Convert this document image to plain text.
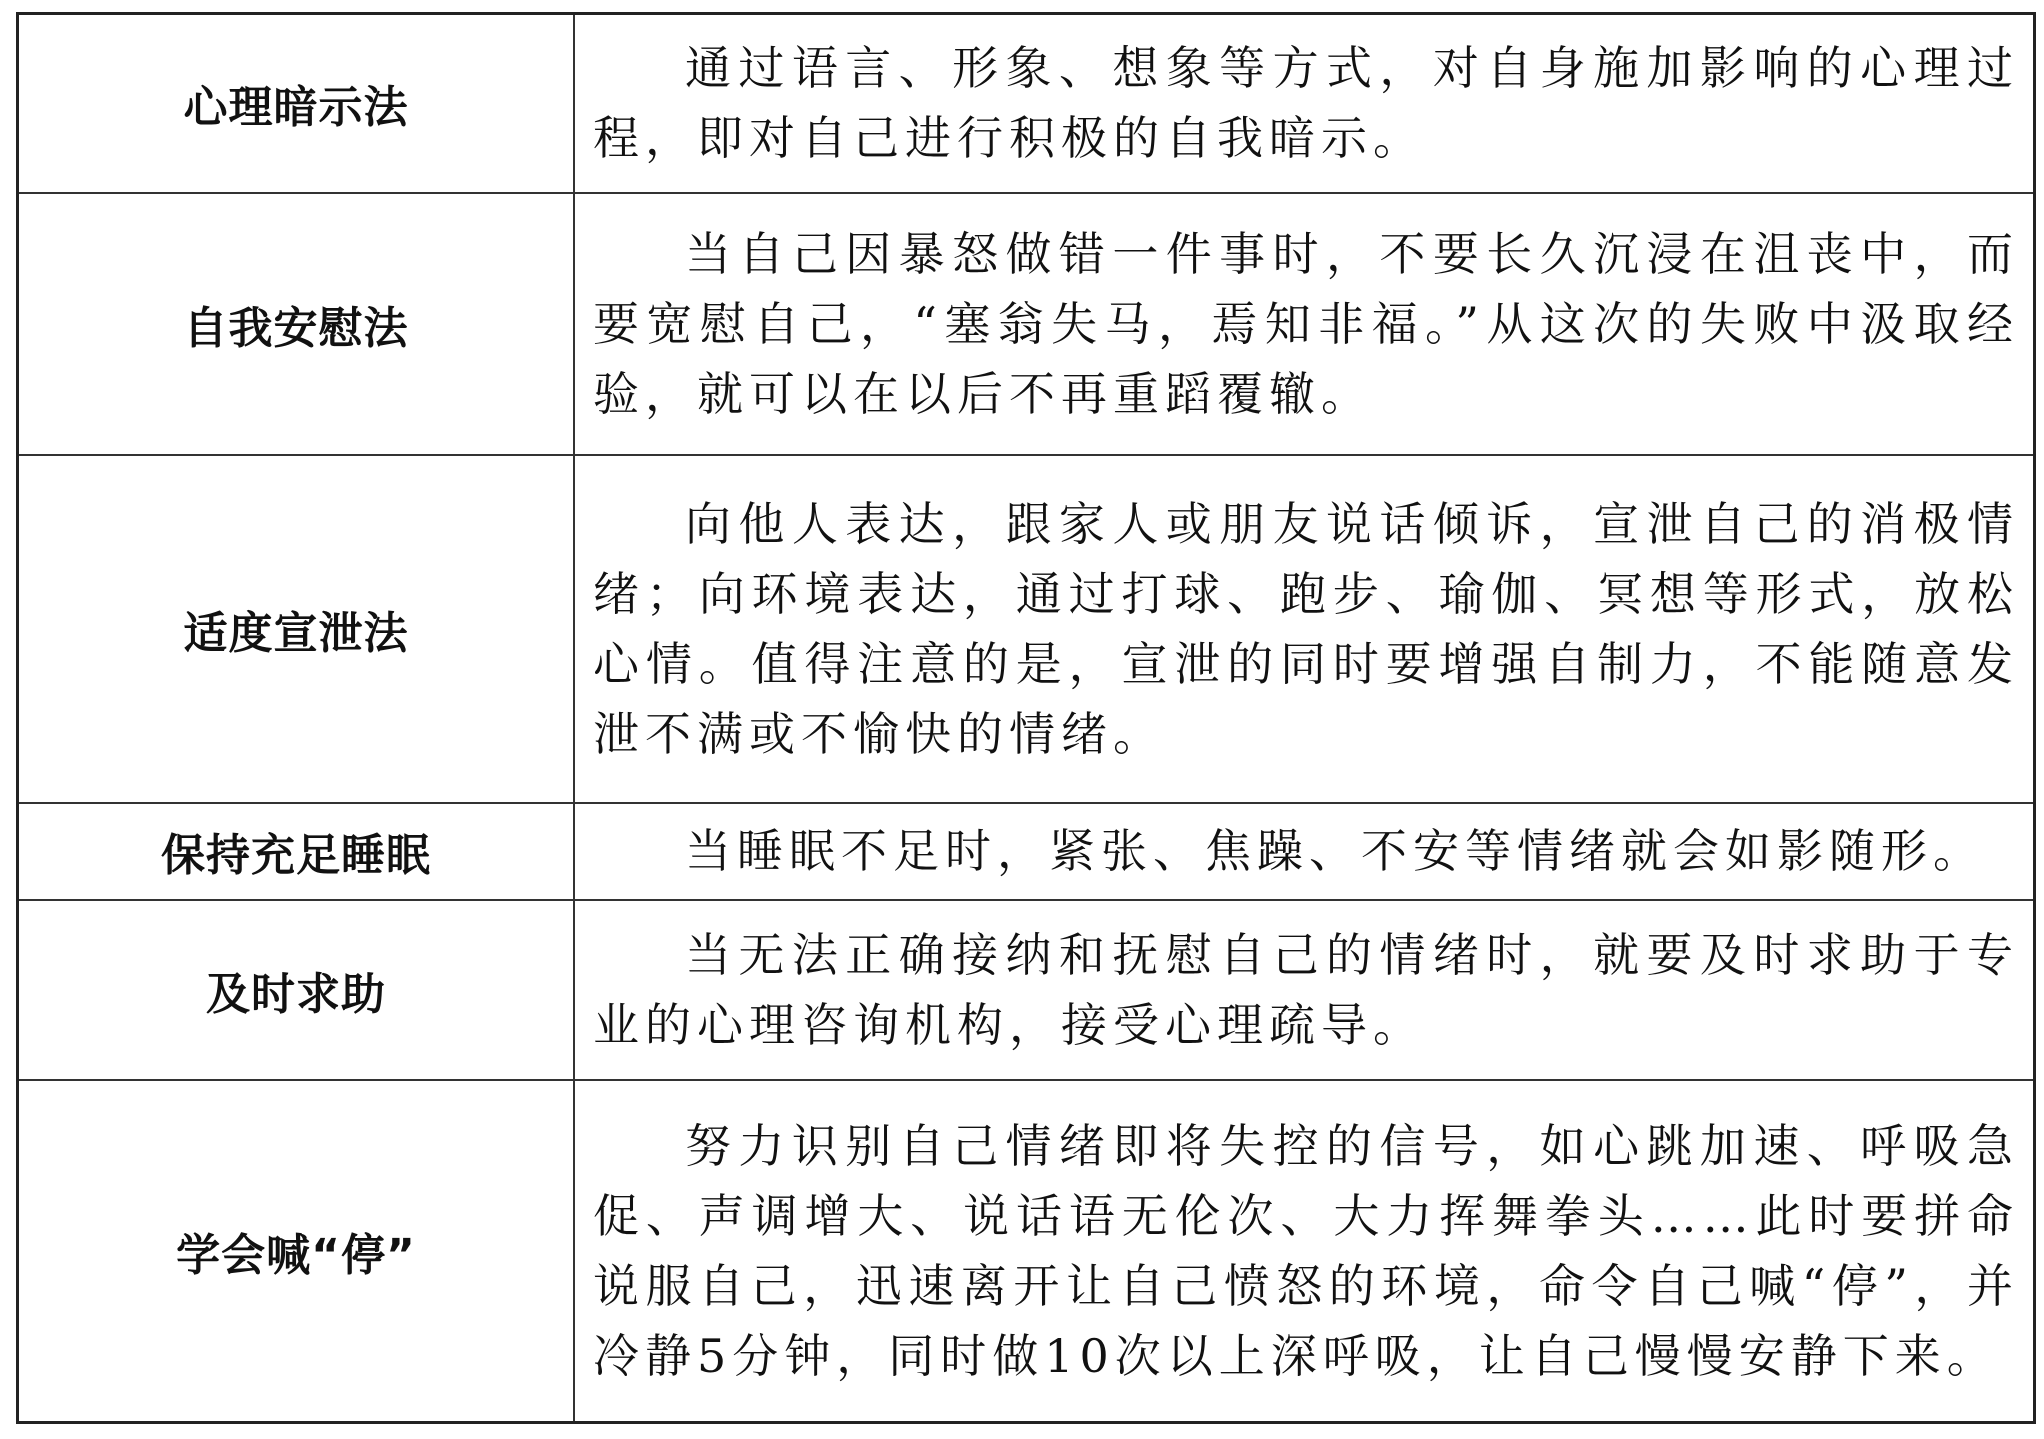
心理暗示法	通过语言、形象、想象等方式，对自身施加影响的心理过程，即对自己进行积极的自我暗示。

自我安慰法	当自己因暴怒做错一件事时，不要长久沉浸在沮丧中，而要宽慰自己，“塞翁失马，焉知非福。”从这次的失败中汲取经验，就可以在以后不再重蹈覆辙。

适度宣泄法	向他人表达，跟家人或朋友说话倾诉，宣泄自己的消极情绪；向环境表达，通过打球、跑步、瑜伽、冥想等形式，放松心情。值得注意的是，宣泄的同时要增强自制力，不能随意发泄不满或不愉快的情绪。

保持充足睡眠	当睡眠不足时，紧张、焦躁、不安等情绪就会如影随形。

及时求助	当无法正确接纳和抚慰自己的情绪时，就要及时求助于专业的心理咨询机构，接受心理疏导。

学会喊“停”	努力识别自己情绪即将失控的信号，如心跳加速、呼吸急促、声调增大、说话语无伦次、大力挥舞拳头……此时要拼命说服自己，迅速离开让自己愤怒的环境，命令自己喊“停”，并冷静5分钟，同时做10次以上深呼吸，让自己慢慢安静下来。
